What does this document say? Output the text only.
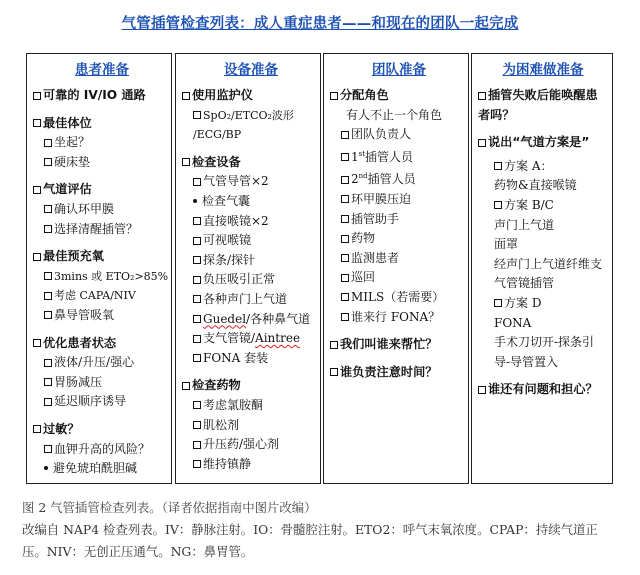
气管插管检查列表：成人重症患者——和现在的团队一起完成
患者准备
可靠的 IV/IO 通路
最佳体位
坐起？
硬床垫
气道评估
确认环甲膜
选择清醒插管？
最佳预充氧
3mins 或 ETO₂>85%
考虑 CAPA/NIV
鼻导管吸氧
优化患者状态
液体/升压/强心
胃肠减压
延迟顺序诱导
过敏？
血钾升高的风险？
避免琥珀酰胆碱
设备准备
使用监护仪
SpO₂/ETCO₂波形
/ECG/BP
检查设备
气管导管×2
检查气囊
直接喉镜×2
可视喉镜
探条/探针
负压吸引正常
各种声门上气道
Guedel/各种鼻气道
支气管镜/Aintree
FONA 套装
检查药物
考虑氯胺酮
肌松剂
升压药/强心剂
维持镇静
团队准备
分配角色
有人不止一个角色
团队负责人
1st插管人员
2nd插管人员
环甲膜压迫
插管助手
药物
监测患者
巡回
MILS（若需要）
谁来行 FONA？
我们叫谁来帮忙？
谁负责注意时间？
为困难做准备
插管失败后能唤醒患者吗？
说出“气道方案是”
方案 A：
药物&直接喉镜
方案 B/C
声门上气道
面罩
经声门上气道纤维支气管镜插管
方案 D
FONA
手术刀切开-探条引导-导管置入
谁还有问题和担心？
图 2 气管插管检查列表。（译者依据指南中图片改编）
改编自 NAP4 检查列表。IV：静脉注射。IO：骨髓腔注射。ETO2：呼气末氧浓度。CPAP：持续气道正压。NIV：无创正压通气。NG：鼻胃管。
